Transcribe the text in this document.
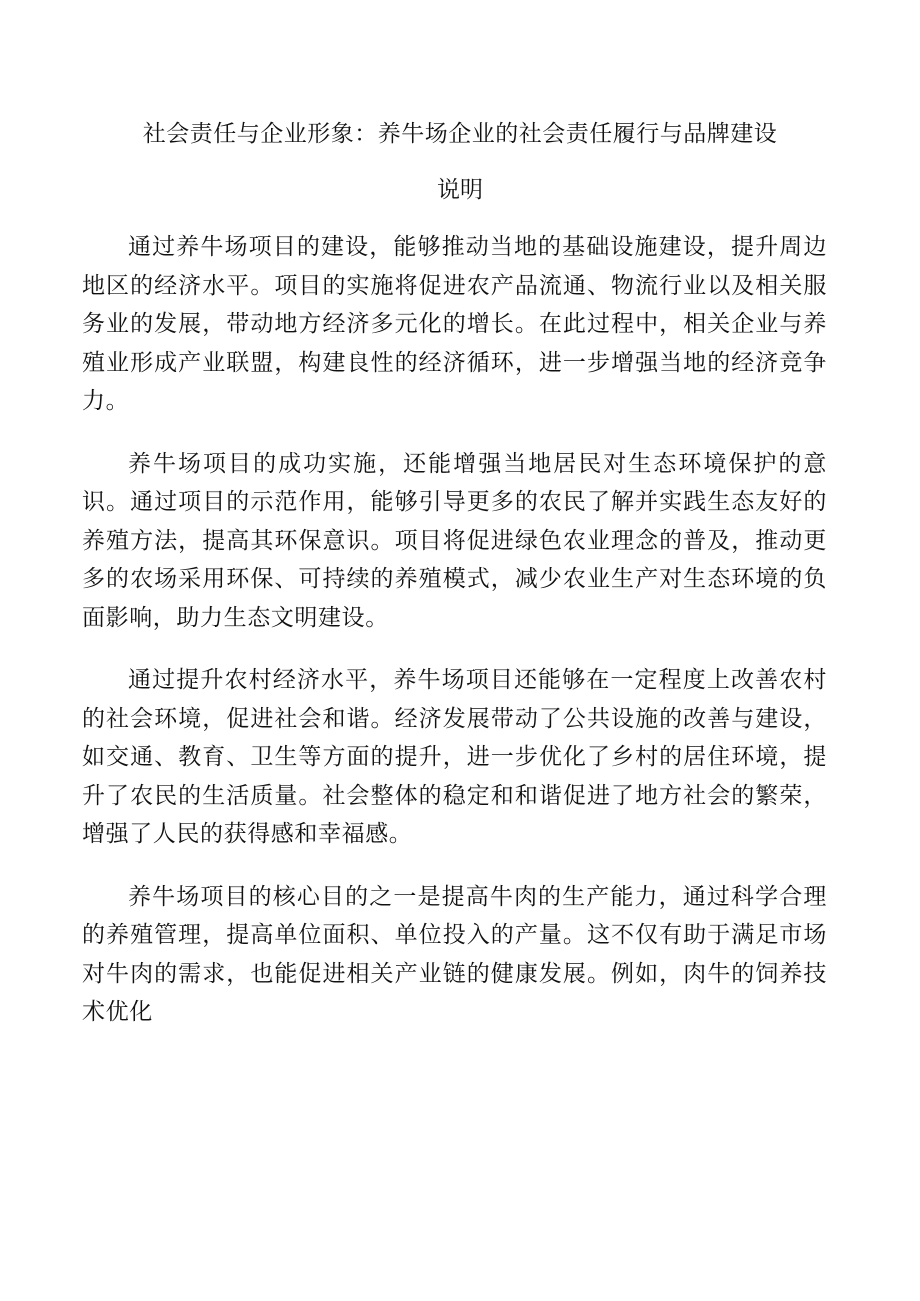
社会责任与企业形象：养牛场企业的社会责任履行与品牌建设
说明

通过养牛场项目的建设，能够推动当地的基础设施建设，提升周边地区的经济水平。项目的实施将促进农产品流通、物流行业以及相关服务业的发展，带动地方经济多元化的增长。在此过程中，相关企业与养殖业形成产业联盟，构建良性的经济循环，进一步增强当地的经济竞争力。

养牛场项目的成功实施，还能增强当地居民对生态环境保护的意识。通过项目的示范作用，能够引导更多的农民了解并实践生态友好的养殖方法，提高其环保意识。项目将促进绿色农业理念的普及，推动更多的农场采用环保、可持续的养殖模式，减少农业生产对生态环境的负面影响，助力生态文明建设。

通过提升农村经济水平，养牛场项目还能够在一定程度上改善农村的社会环境，促进社会和谐。经济发展带动了公共设施的改善与建设，如交通、教育、卫生等方面的提升，进一步优化了乡村的居住环境，提升了农民的生活质量。社会整体的稳定和和谐促进了地方社会的繁荣，增强了人民的获得感和幸福感。

养牛场项目的核心目的之一是提高牛肉的生产能力，通过科学合理的养殖管理，提高单位面积、单位投入的产量。这不仅有助于满足市场对牛肉的需求，也能促进相关产业链的健康发展。例如，肉牛的饲养技术优化
